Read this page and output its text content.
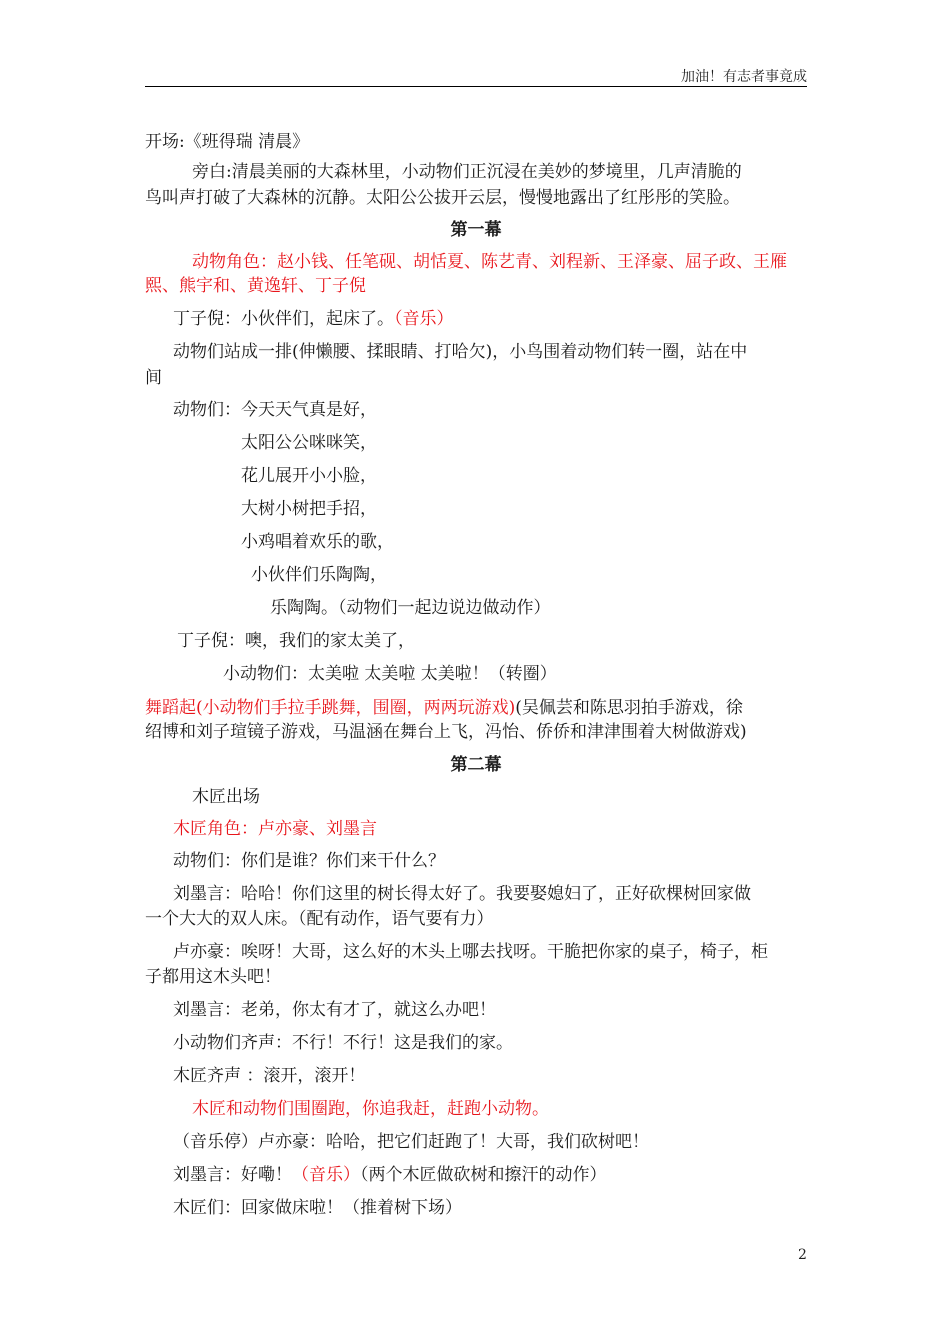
加油！有志者事竟成
开场:《班得瑞 清晨》
旁白:清晨美丽的大森林里，小动物们正沉浸在美妙的梦境里，几声清脆的
鸟叫声打破了大森林的沉静。太阳公公拔开云层，慢慢地露出了红彤彤的笑脸。
第一幕
动物角色：赵小钱、任笔砚、胡恬夏、陈艺青、刘程新、王泽豪、屈子政、王雁
熙、熊宇和、黄逸轩、丁子倪
丁子倪：小伙伴们，起床了。（音乐）
动物们站成一排(伸懒腰、揉眼睛、打哈欠)，小鸟围着动物们转一圈，站在中
间
动物们：今天天气真是好，
太阳公公咪咪笑，
花儿展开小小脸，
大树小树把手招，
小鸡唱着欢乐的歌，
小伙伴们乐陶陶，
乐陶陶。（动物们一起边说边做动作）
丁子倪：噢，我们的家太美了，
小动物们：太美啦 太美啦 太美啦！（转圈）
舞蹈起(小动物们手拉手跳舞，围圈，两两玩游戏)(吴佩芸和陈思羽拍手游戏，徐
绍博和刘子瑄镜子游戏，马温涵在舞台上飞，冯怡、侨侨和津津围着大树做游戏)
第二幕
木匠出场
木匠角色：卢亦豪、刘墨言
动物们：你们是谁？你们来干什么？
刘墨言：哈哈！你们这里的树长得太好了。我要娶媳妇了，正好砍棵树回家做
一个大大的双人床。（配有动作，语气要有力）
卢亦豪：唉呀！大哥，这么好的木头上哪去找呀。干脆把你家的桌子，椅子，柜
子都用这木头吧！
刘墨言：老弟，你太有才了，就这么办吧！
小动物们齐声：不行！不行！这是我们的家。
木匠齐声 ：滚开，滚开！
木匠和动物们围圈跑，你追我赶，赶跑小动物。
（音乐停）卢亦豪：哈哈，把它们赶跑了！大哥，我们砍树吧！
刘墨言：好嘞！（音乐）（两个木匠做砍树和擦汗的动作）
木匠们：回家做床啦！（推着树下场）
2
